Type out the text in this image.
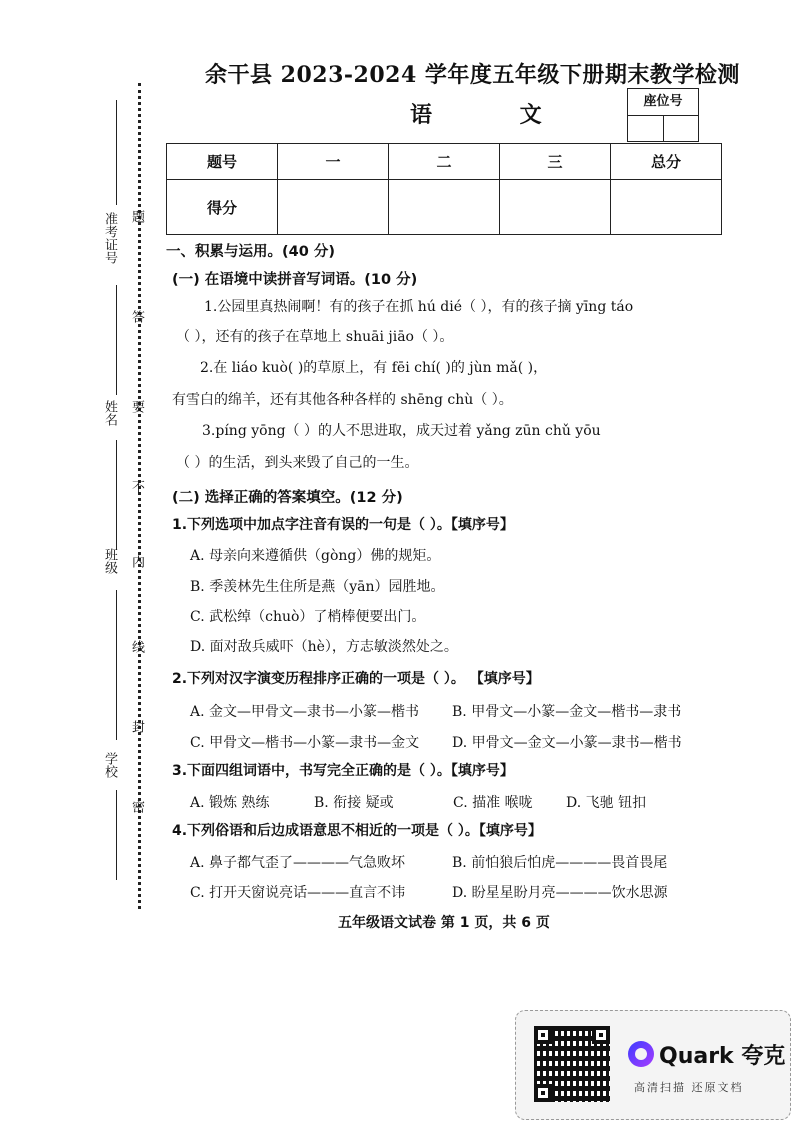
余干县 2023-2024 学年度五年级下册期末教学检测
语 文
座位号
题号	一	二	三	总分
得分				
准考证号
姓名
班级
学校
题
答
要
不
内
线
封
密
一、积累与运用。(40 分)
(一) 在语境中读拼音写词语。(10 分)
1.公园里真热闹啊！有的孩子在抓 hú dié（ ），有的孩子摘 yīng táo
（ ），还有的孩子在草地上 shuāi jiāo（ ）。
2.在 liáo kuò( )的草原上，有 fēi chí( )的 jùn mǎ( )，
有雪白的绵羊，还有其他各种各样的 shēng chù（ ）。
3.píng yōng（ ）的人不思进取，成天过着 yǎng zūn chǔ yōu
（ ）的生活，到头来毁了自己的一生。
(二) 选择正确的答案填空。(12 分)
1.下列选项中加点字注音有误的一句是（ ）。【填序号】
A. 母亲向来遵循供（gòng）佛的规矩。
B. 季羡林先生住所是燕（yān）园胜地。
C. 武松绰（chuò）了梢棒便要出门。
D. 面对敌兵威吓（hè），方志敏淡然处之。
2.下列对汉字演变历程排序正确的一项是（ ）。 【填序号】
A. 金文—甲骨文—隶书—小篆—楷书 B. 甲骨文—小篆—金文—楷书—隶书
C. 甲骨文—楷书—小篆—隶书—金文 D. 甲骨文—金文—小篆—隶书—楷书
3.下面四组词语中，书写完全正确的是（ ）。【填序号】
A. 锻炼 熟练	B. 衔接 疑或	C. 描准 喉咙 D. 飞驰 钮扣
4.下列俗语和后边成语意思不相近的一项是（ ）。【填序号】
A. 鼻子都气歪了————气急败坏	B. 前怕狼后怕虎————畏首畏尾
C. 打开天窗说亮话———直言不讳	D. 盼星星盼月亮————饮水思源
五年级语文试卷 第 1 页，共 6 页
Quark 夸克
高清扫描 还原文档
